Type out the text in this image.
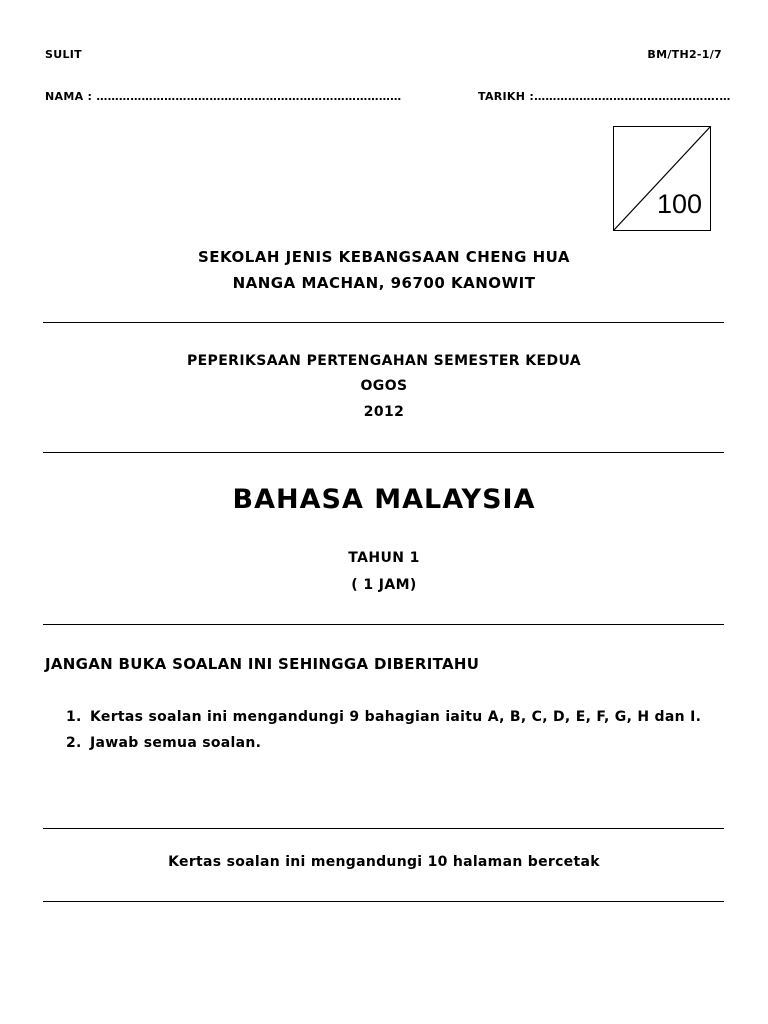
SULIT	BM/TH2-1/7
NAMA : ………………………………………………………………………	TARIKH :………………………………………….…
100
SEKOLAH JENIS KEBANGSAAN CHENG HUA
NANGA MACHAN, 96700 KANOWIT
PEPERIKSAAN PERTENGAHAN SEMESTER KEDUA
OGOS
2012
BAHASA MALAYSIA
TAHUN 1
( 1 JAM)
JANGAN BUKA SOALAN INI SEHINGGA DIBERITAHU
1. Kertas soalan ini mengandungi 9 bahagian iaitu A, B, C, D, E, F, G, H dan I.
2. Jawab semua soalan.
Kertas soalan ini mengandungi 10 halaman bercetak
